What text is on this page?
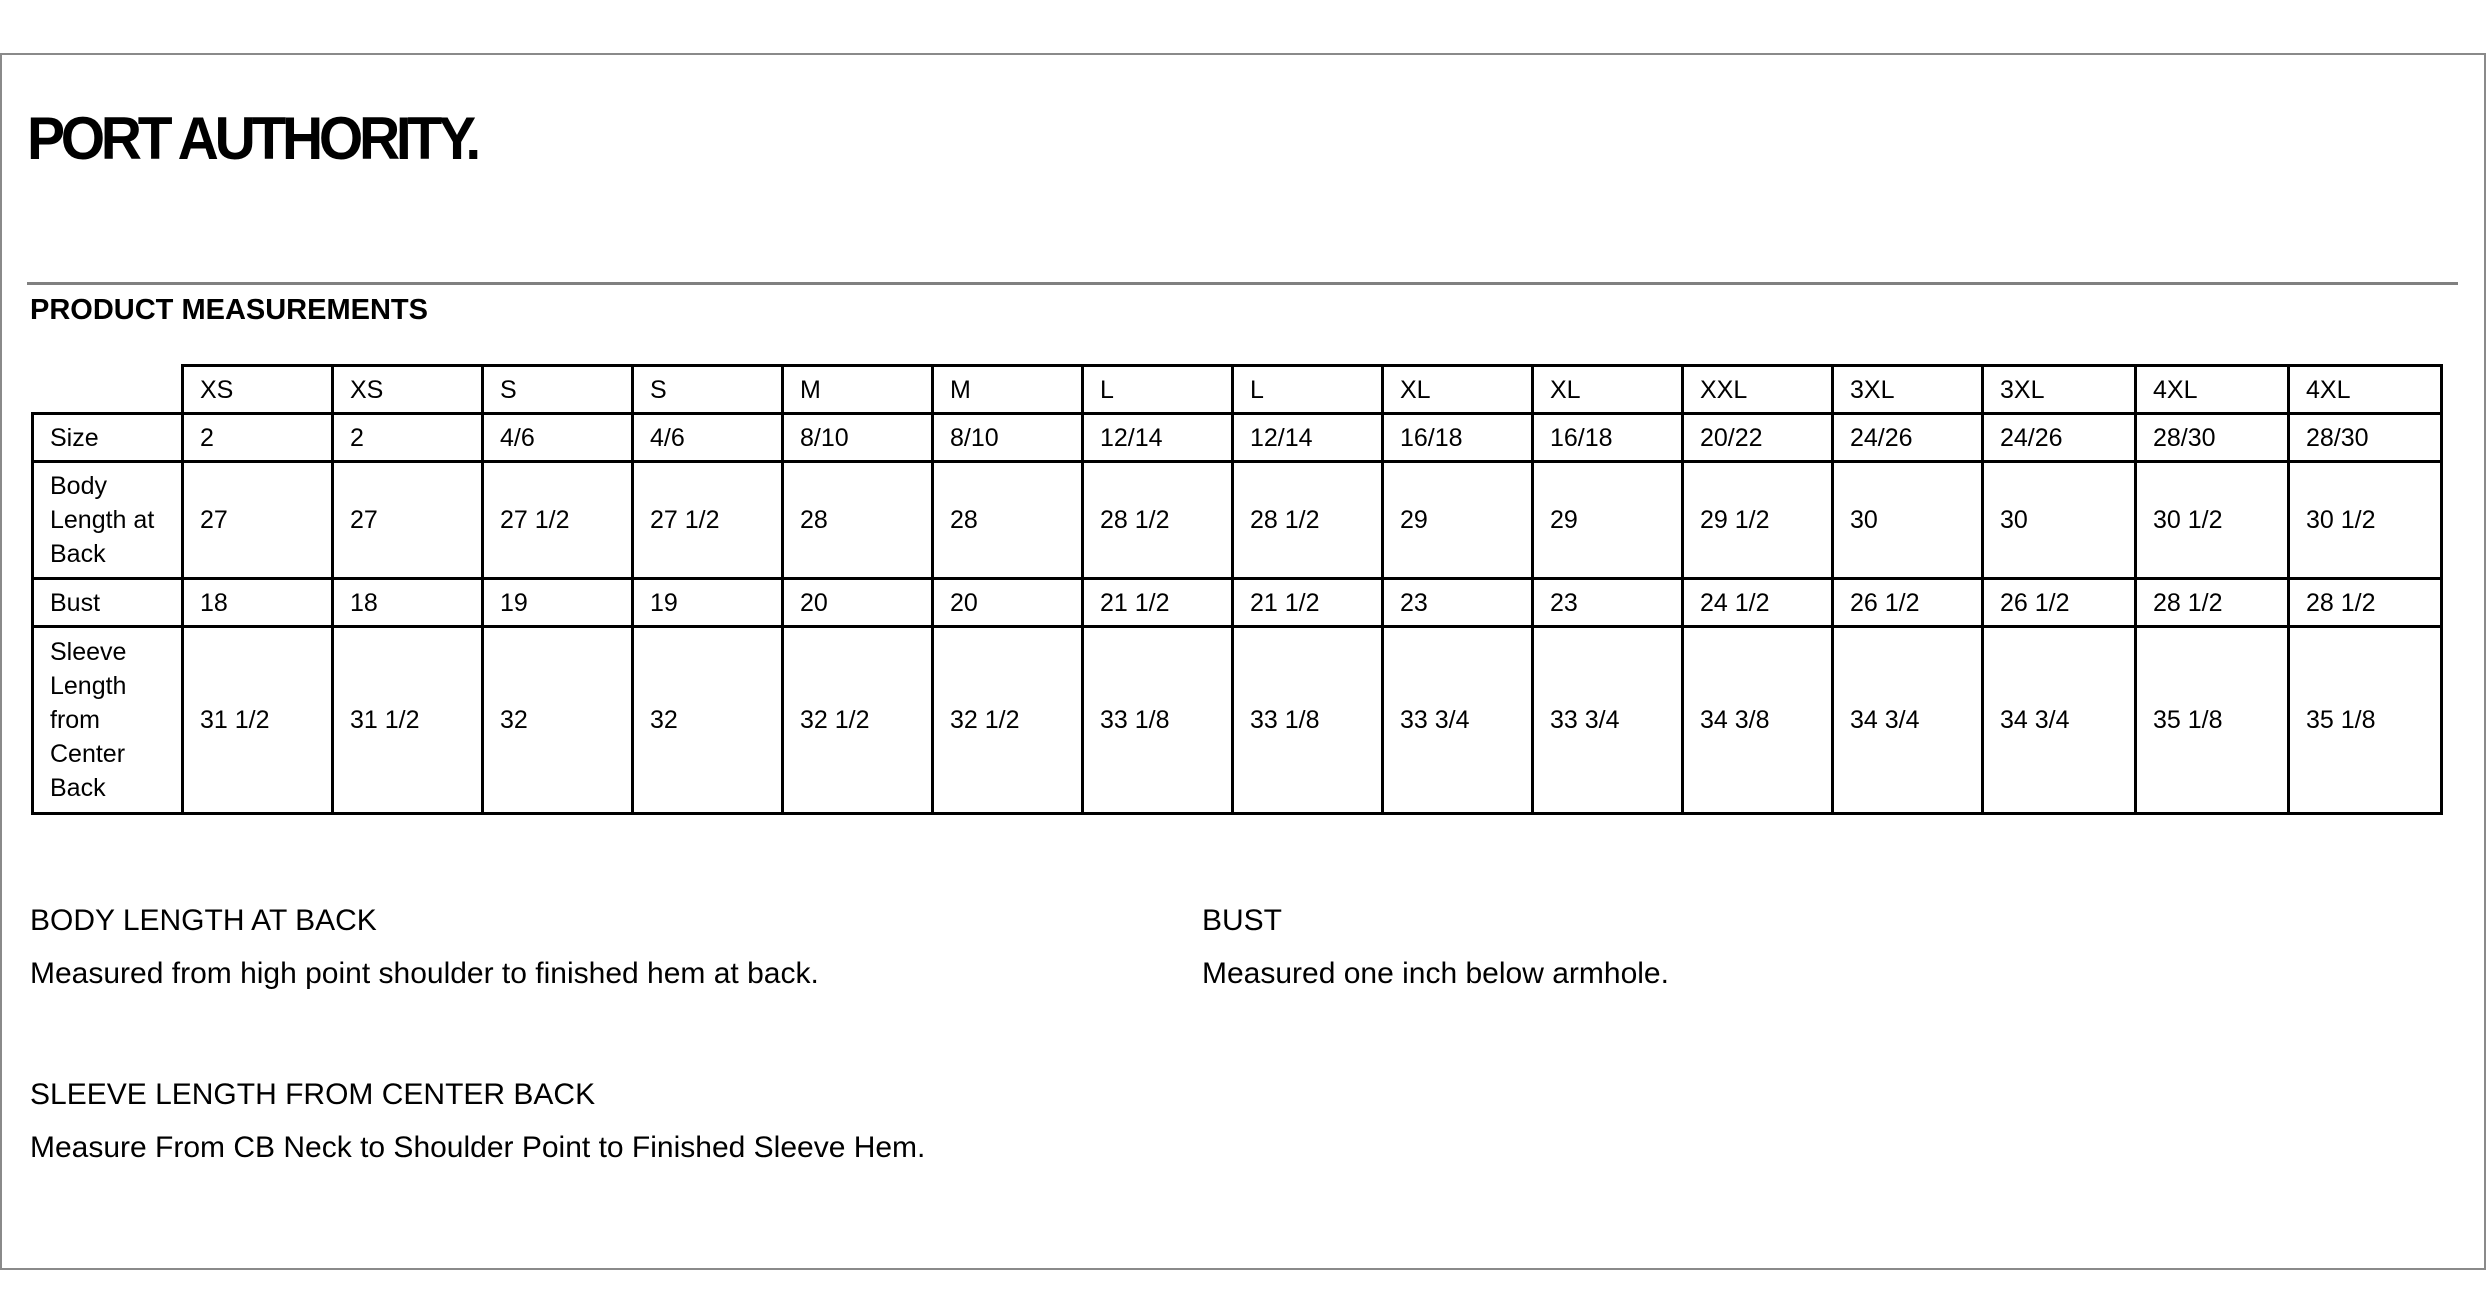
PORT AUTHORITY.
PRODUCT MEASUREMENTS
	XS	XS	S	S	M	M	L	L	XL	XL	XXL	3XL	3XL	4XL	4XL
Size	2	2	4/6	4/6	8/10	8/10	12/14	12/14	16/18	16/18	20/22	24/26	24/26	28/30	28/30
Body Length at Back	27	27	27 1/2	27 1/2	28	28	28 1/2	28 1/2	29	29	29 1/2	30	30	30 1/2	30 1/2
Bust	18	18	19	19	20	20	21 1/2	21 1/2	23	23	24 1/2	26 1/2	26 1/2	28 1/2	28 1/2
Sleeve Length from Center Back	31 1/2	31 1/2	32	32	32 1/2	32 1/2	33 1/8	33 1/8	33 3/4	33 3/4	34 3/8	34 3/4	34 3/4	35 1/8	35 1/8
BODY LENGTH AT BACK
Measured from high point shoulder to finished hem at back.
BUST
Measured one inch below armhole.
SLEEVE LENGTH FROM CENTER BACK
Measure From CB Neck to Shoulder Point to Finished Sleeve Hem.
